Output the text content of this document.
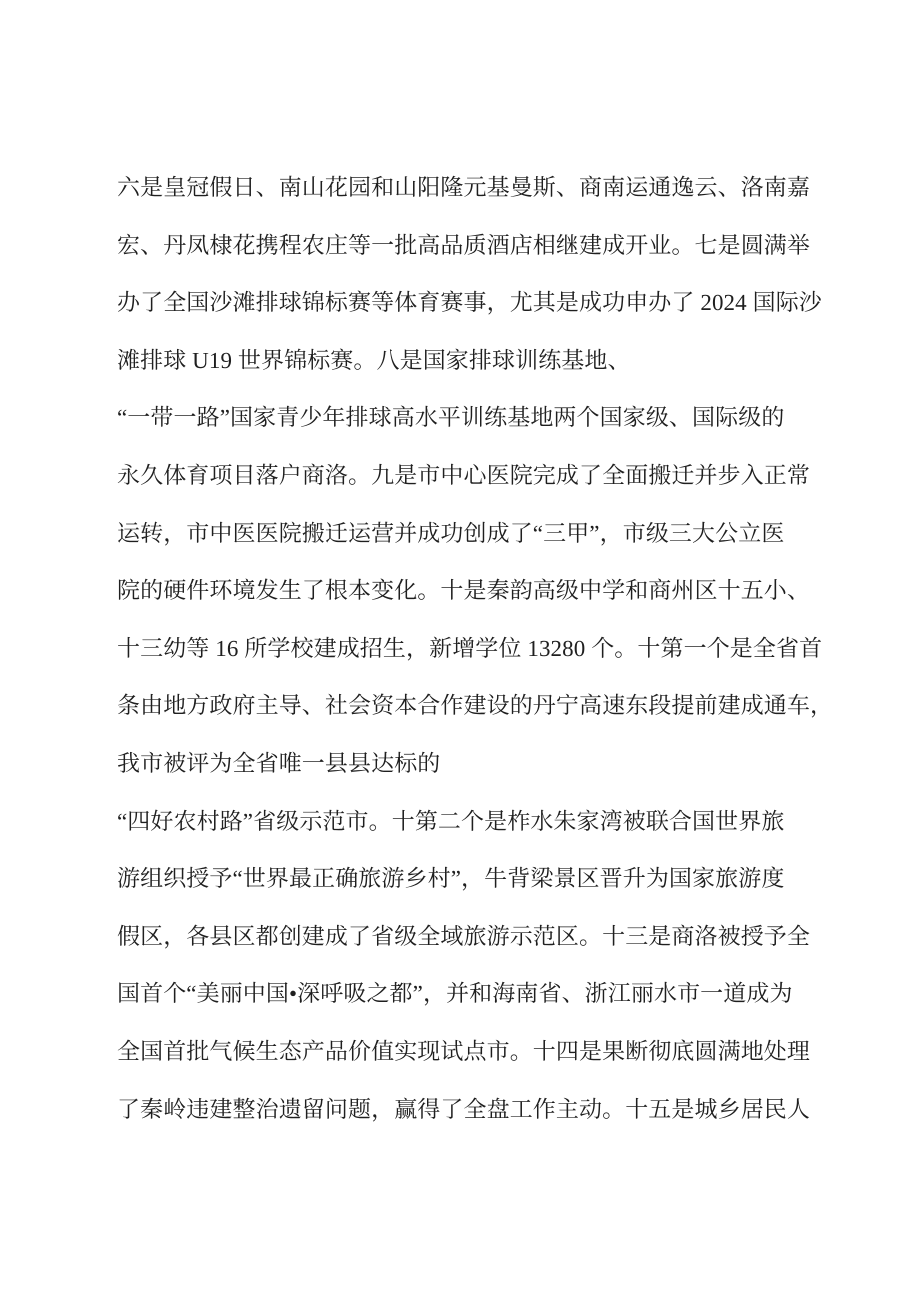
六是皇冠假日、南山花园和山阳隆元基曼斯、商南运通逸云、洛南嘉
宏、丹凤棣花携程农庄等一批高品质酒店相继建成开业。七是圆满举
办了全国沙滩排球锦标赛等体育赛事，尤其是成功申办了 2024 国际沙
滩排球 U19 世界锦标赛。八是国家排球训练基地、
“一带一路”国家青少年排球高水平训练基地两个国家级、国际级的
永久体育项目落户商洛。九是市中心医院完成了全面搬迁并步入正常
运转，市中医医院搬迁运营并成功创成了“三甲”，市级三大公立医
院的硬件环境发生了根本变化。十是秦韵高级中学和商州区十五小、
十三幼等 16 所学校建成招生，新增学位 13280 个。十第一个是全省首
条由地方政府主导、社会资本合作建设的丹宁高速东段提前建成通车，
我市被评为全省唯一县县达标的
“四好农村路”省级示范市。十第二个是柞水朱家湾被联合国世界旅
游组织授予“世界最正确旅游乡村”，牛背梁景区晋升为国家旅游度
假区，各县区都创建成了省级全域旅游示范区。十三是商洛被授予全
国首个“美丽中国•深呼吸之都”，并和海南省、浙江丽水市一道成为
全国首批气候生态产品价值实现试点市。十四是果断彻底圆满地处理
了秦岭违建整治遗留问题，赢得了全盘工作主动。十五是城乡居民人
